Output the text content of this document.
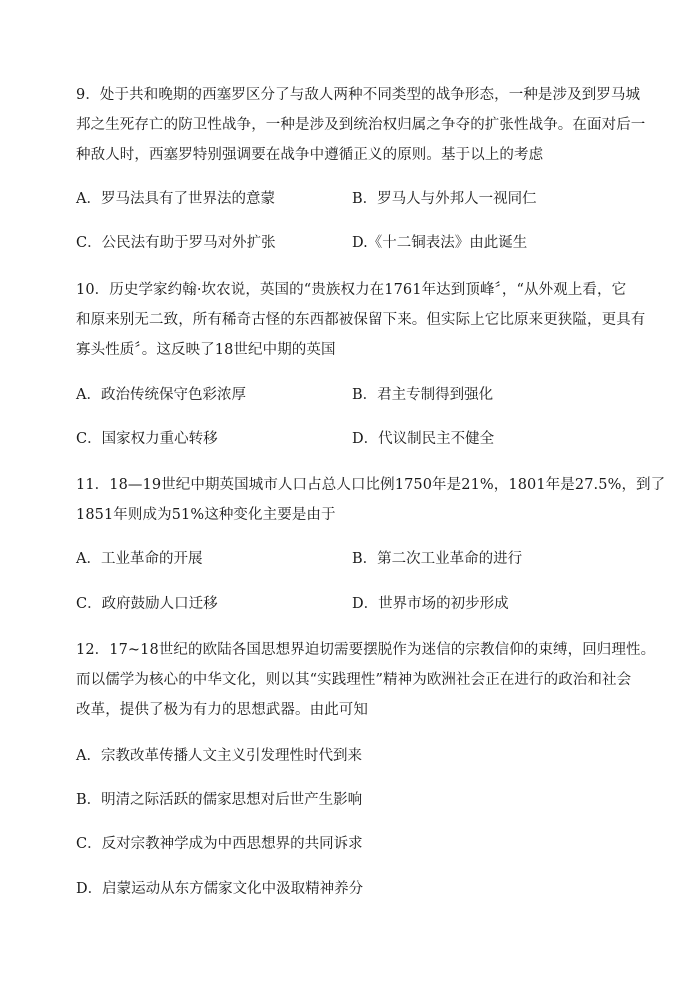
9．处于共和晚期的西塞罗区分了与敌人两种不同类型的战争形态，一种是涉及到罗马城
邦之生死存亡的防卫性战争，一种是涉及到统治权归属之争夺的扩张性战争。在面对后一
种敌人时，西塞罗特别强调要在战争中遵循正义的原则。基于以上的考虑
A．罗马法具有了世界法的意蒙	B．罗马人与外邦人一视同仁
C．公民法有助于罗马对外扩张	D.《十二铜表法》由此诞生
10．历史学家约翰·坎农说，英国的“贵族权力在1761年达到顶峰〞，“从外观上看，它
和原来别无二致，所有稀奇古怪的东西都被保留下来。但实际上它比原来更狭隘，更具有
寡头性质〞。这反映了18世纪中期的英国
A．政治传统保守色彩浓厚	B．君主专制得到强化
C．国家权力重心转移	D．代议制民主不健全
11．18—19世纪中期英国城市人口占总人口比例1750年是21%，1801年是27.5%，到了
1851年则成为51%这种变化主要是由于
A．工业革命的开展	B．第二次工业革命的进行
C．政府鼓励人口迁移	D．世界市场的初步形成
12．17~18世纪的欧陆各国思想界迫切需要摆脱作为迷信的宗教信仰的束缚，回归理性。
而以儒学为核心的中华文化，则以其“实践理性”精神为欧洲社会正在进行的政治和社会
改革，提供了极为有力的思想武器。由此可知
A．宗教改革传播人文主义引发理性时代到来
B．明清之际活跃的儒家思想对后世产生影响
C．反对宗教神学成为中西思想界的共同诉求
D．启蒙运动从东方儒家文化中汲取精神养分
